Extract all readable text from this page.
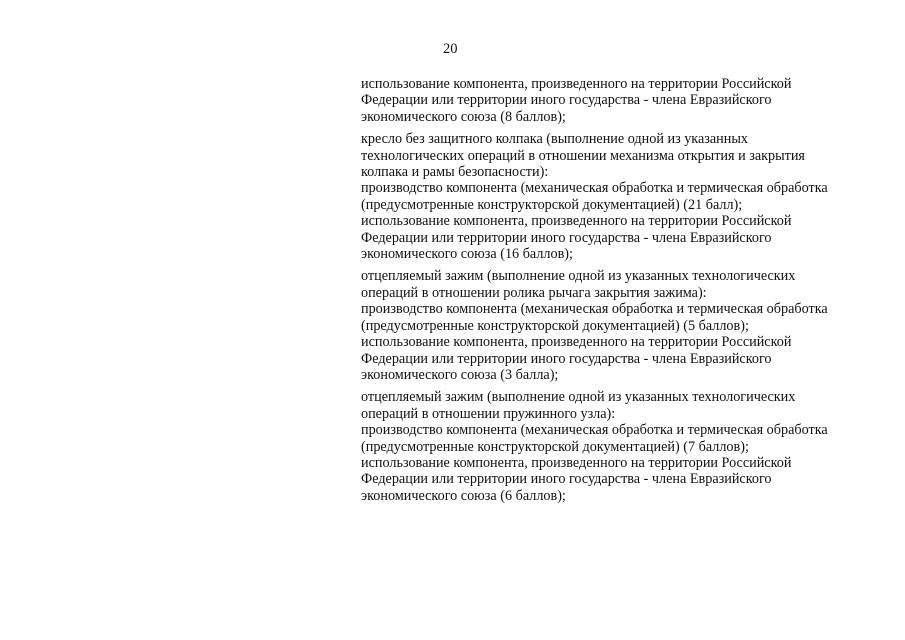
20
использование компонента, произведенного на территории Российской
Федерации или территории иного государства - члена Евразийского
экономического союза (8 баллов);
кресло без защитного колпака (выполнение одной из указанных
технологических операций в отношении механизма открытия и закрытия
колпака и рамы безопасности):
производство компонента (механическая обработка и термическая обработка
(предусмотренные конструкторской документацией) (21 балл);
использование компонента, произведенного на территории Российской
Федерации или территории иного государства - члена Евразийского
экономического союза (16 баллов);
отцепляемый зажим (выполнение одной из указанных технологических
операций в отношении ролика рычага закрытия зажима):
производство компонента (механическая обработка и термическая обработка
(предусмотренные конструкторской документацией) (5 баллов);
использование компонента, произведенного на территории Российской
Федерации или территории иного государства - члена Евразийского
экономического союза (3 балла);
отцепляемый зажим (выполнение одной из указанных технологических
операций в отношении пружинного узла):
производство компонента (механическая обработка и термическая обработка
(предусмотренные конструкторской документацией) (7 баллов);
использование компонента, произведенного на территории Российской
Федерации или территории иного государства - члена Евразийского
экономического союза (6 баллов);
